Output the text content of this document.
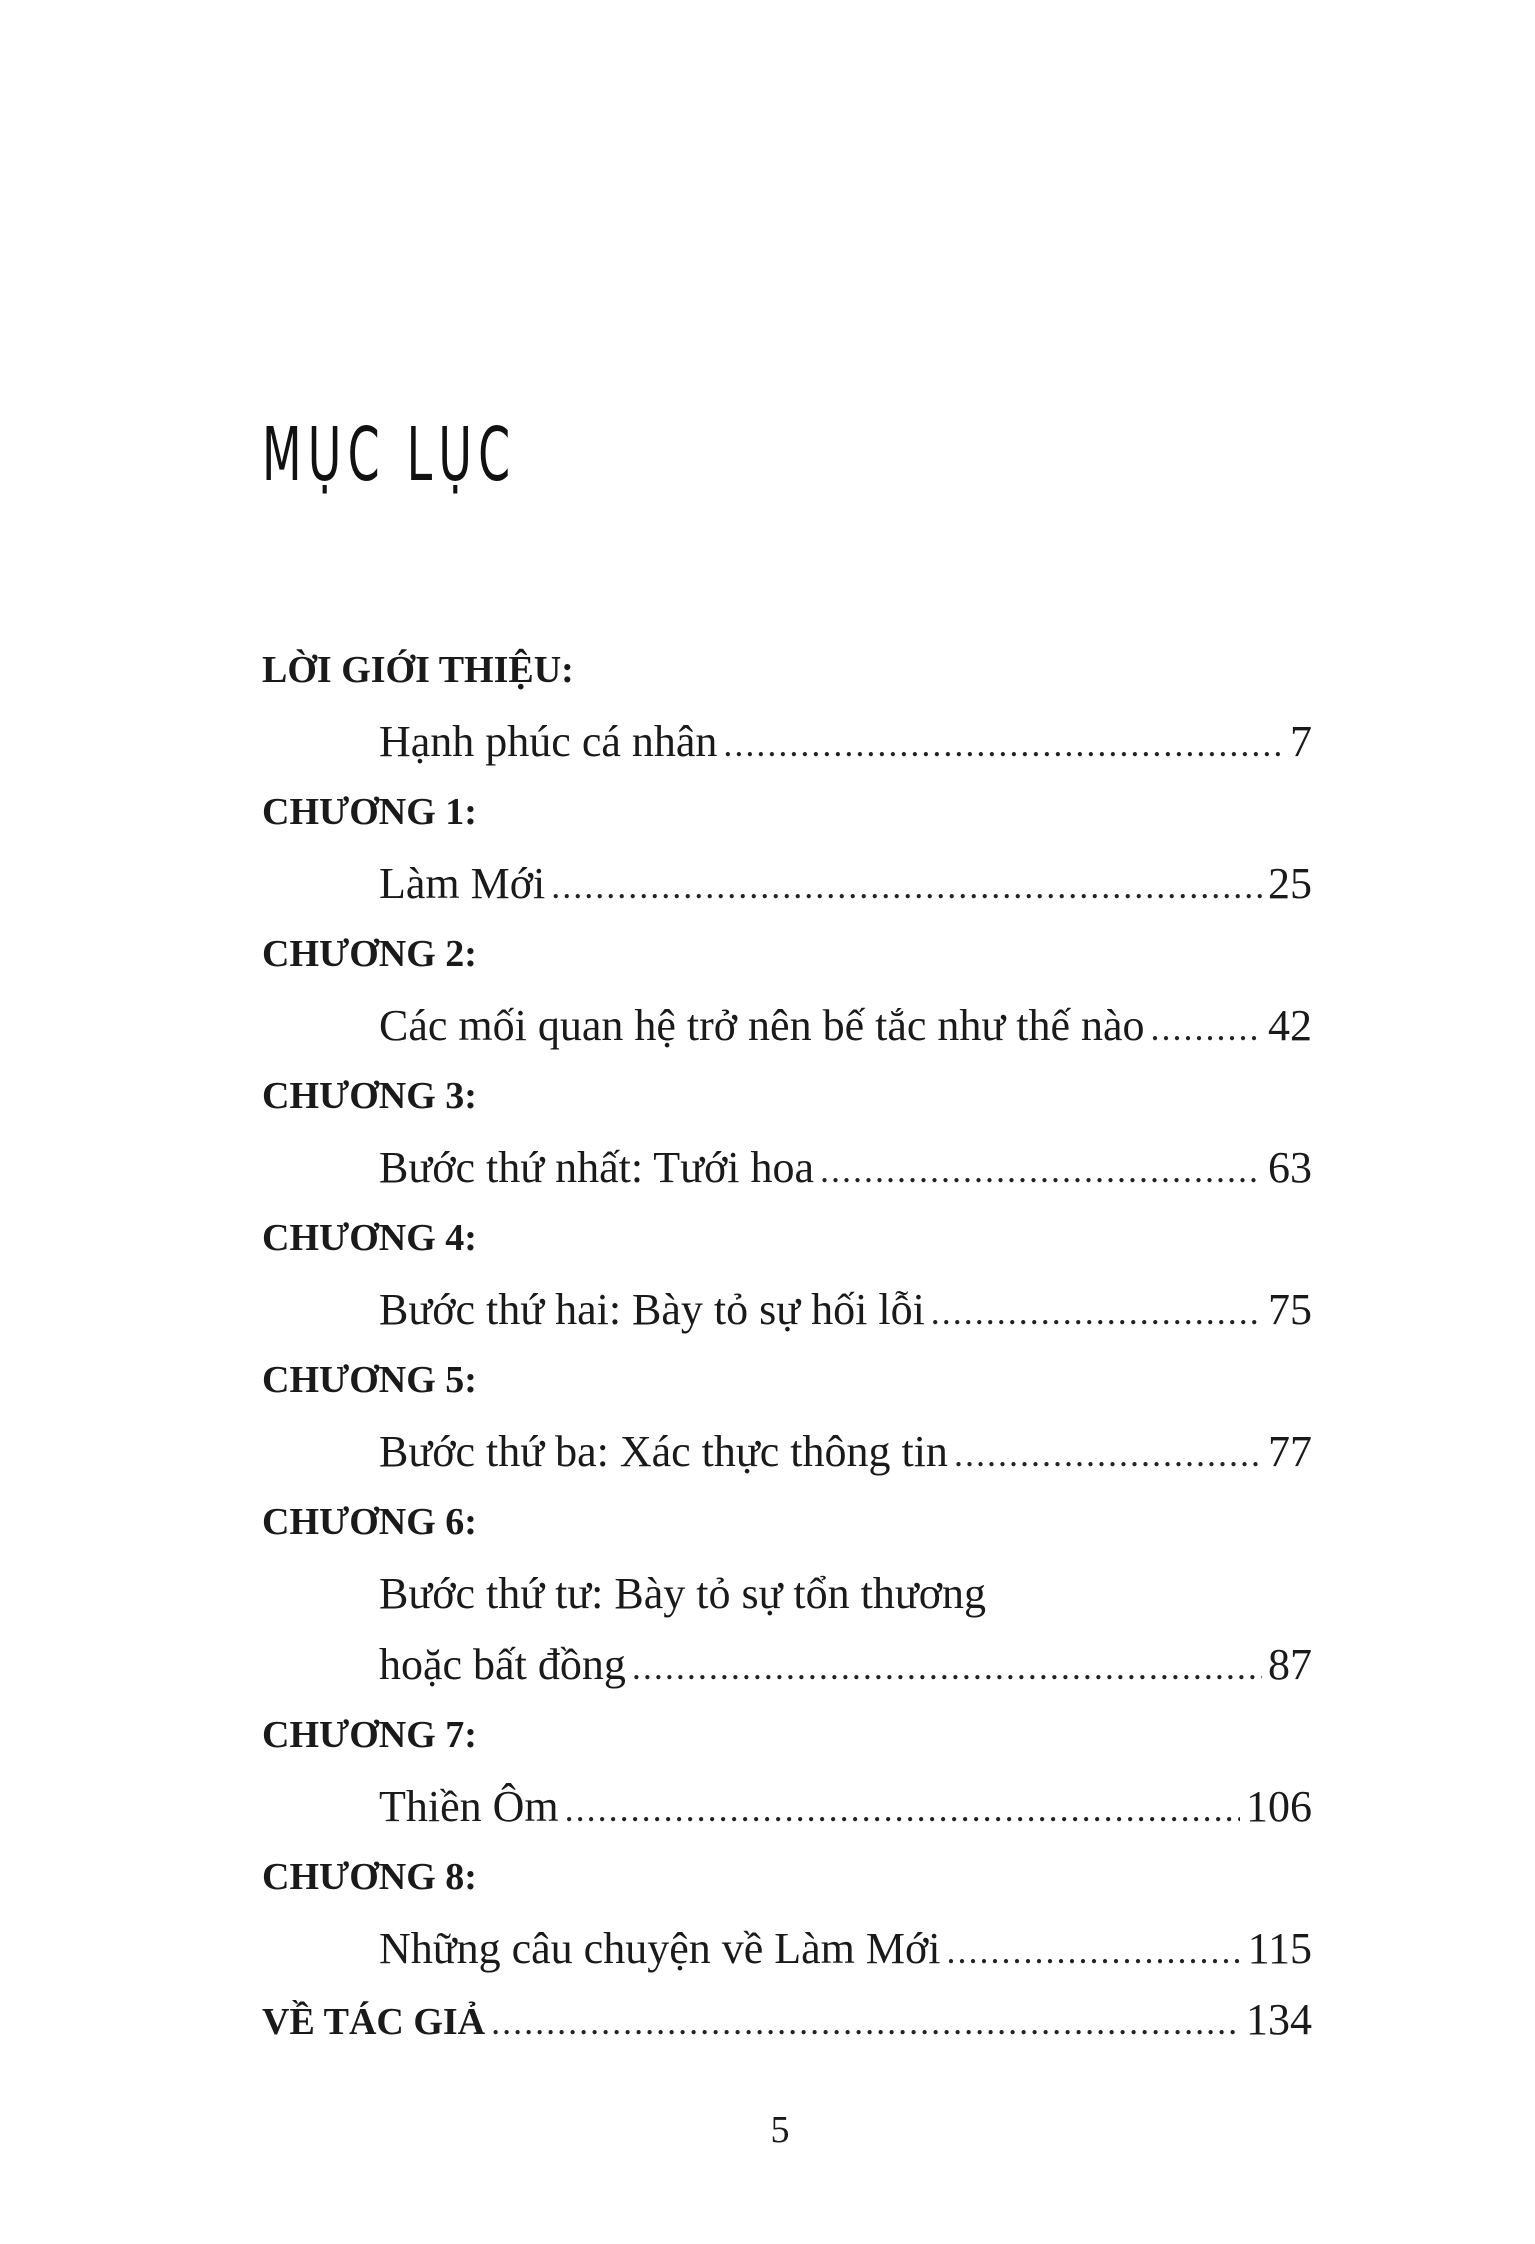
MỤC LỤC
LỜI GIỚI THIỆU:
Hạnh phúc cá nhân .....	7
CHƯƠNG 1:
Làm Mới .....	25
CHƯƠNG 2:
Các mối quan hệ trở nên bế tắc như thế nào .....	42
CHƯƠNG 3:
Bước thứ nhất: Tưới hoa .....	63
CHƯƠNG 4:
Bước thứ hai: Bày tỏ sự hối lỗi .....	75
CHƯƠNG 5:
Bước thứ ba: Xác thực thông tin .....	77
CHƯƠNG 6:
Bước thứ tư: Bày tỏ sự tổn thương
hoặc bất đồng .....	87
CHƯƠNG 7:
Thiền Ôm .....	106
CHƯƠNG 8:
Những câu chuyện về Làm Mới .....	115
VỀ TÁC GIẢ .....	134
5
